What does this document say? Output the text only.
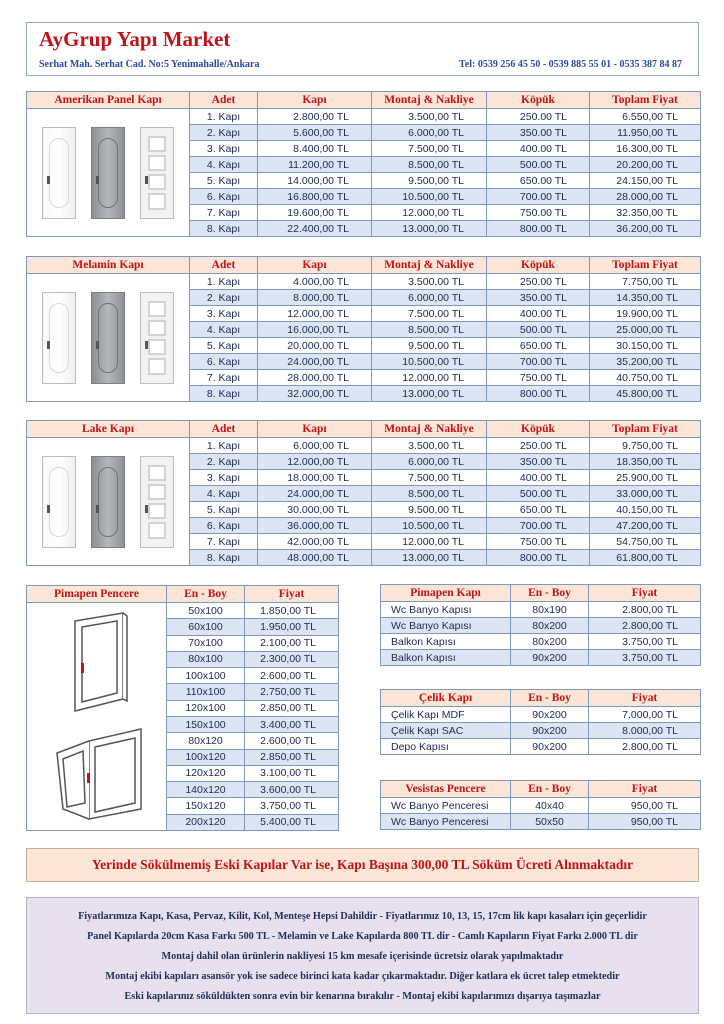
AyGrup Yapı Market
Serhat Mah. Serhat Cad. No:5 Yenimahalle/Ankara	Tel: 0539 256 45 50 - 0539 885 55 01 - 0535 387 84 87
Amerikan Panel Kapı	Adet	Kapı	Montaj & Nakliye	Köpük	Toplam Fiyat

	1. Kapı	2.800,00 TL	3.500,00 TL	250.00 TL	6.550,00 TL
	2. Kapı	5.600,00 TL	6.000,00 TL	350.00 TL	11.950,00 TL
	3. Kapı	8.400,00 TL	7.500,00 TL	400.00 TL	16.300,00 TL
	4. Kapı	11.200,00 TL	8.500,00 TL	500.00 TL	20.200,00 TL
	5. Kapı	14.000,00 TL	9.500,00 TL	650.00 TL	24.150,00 TL
	6. Kapı	16.800,00 TL	10.500,00 TL	700.00 TL	28.000,00 TL
	7. Kapı	19.600,00 TL	12.000,00 TL	750.00 TL	32.350,00 TL
	8. Kapı	22.400,00 TL	13.000,00 TL	800.00 TL	36.200,00 TL
Melamin Kapı	Adet	Kapı	Montaj & Nakliye	Köpük	Toplam Fiyat

	1. Kapı	4.000,00 TL	3.500,00 TL	250.00 TL	7.750,00 TL
	2. Kapı	8.000,00 TL	6.000,00 TL	350.00 TL	14.350,00 TL
	3. Kapı	12.000,00 TL	7.500,00 TL	400.00 TL	19.900,00 TL
	4. Kapı	16.000,00 TL	8.500,00 TL	500.00 TL	25.000,00 TL
	5. Kapı	20.000,00 TL	9.500,00 TL	650.00 TL	30.150,00 TL
	6. Kapı	24.000,00 TL	10.500,00 TL	700.00 TL	35.200,00 TL
	7. Kapı	28.000,00 TL	12.000,00 TL	750.00 TL	40.750,00 TL
	8. Kapı	32.000,00 TL	13.000,00 TL	800.00 TL	45.800,00 TL
Lake Kapı	Adet	Kapı	Montaj & Nakliye	Köpük	Toplam Fiyat

	1. Kapı	6.000,00 TL	3.500,00 TL	250.00 TL	9.750,00 TL
	2. Kapı	12.000,00 TL	6.000,00 TL	350.00 TL	18.350,00 TL
	3. Kapı	18.000,00 TL	7.500,00 TL	400.00 TL	25.900,00 TL
	4. Kapı	24.000,00 TL	8.500,00 TL	500.00 TL	33.000,00 TL
	5. Kapı	30.000,00 TL	9.500,00 TL	650.00 TL	40.150,00 TL
	6. Kapı	36.000,00 TL	10.500,00 TL	700.00 TL	47.200,00 TL
	7. Kapı	42.000,00 TL	12.000,00 TL	750.00 TL	54.750,00 TL
	8. Kapı	48.000,00 TL	13.000,00 TL	800.00 TL	61.800,00 TL
Pimapen Pencere	En - Boy	Fiyat
	50x100	1.850,00 TL
	60x100	1.950,00 TL
	70x100	2.100,00 TL
	80x100	2.300,00 TL
	100x100	2.600,00 TL
	110x100	2.750,00 TL
	120x100	2.850,00 TL
	150x100	3.400,00 TL
	80x120	2.600,00 TL
	100x120	2.850,00 TL
	120x120	3.100,00 TL
	140x120	3.600,00 TL
	150x120	3.750,00 TL
	200x120	5.400,00 TL
Pimapen Kapı	En - Boy	Fiyat
Wc Banyo Kapısı	80x190	2.800,00 TL
Wc Banyo Kapısı	80x200	2.800,00 TL
Balkon Kapısı	80x200	3.750,00 TL
Balkon Kapısı	90x200	3.750,00 TL
Çelik Kapı	En - Boy	Fiyat
Çelik Kapı MDF	90x200	7.000,00 TL
Çelik Kapı SAC	90x200	8.000,00 TL
Depo Kapısı	90x200	2.800,00 TL
Vesistas Pencere	En - Boy	Fiyat
Wc Banyo Penceresi	40x40	950,00 TL
Wc Banyo Penceresi	50x50	950,00 TL
Yerinde Sökülmemiş Eski Kapılar Var ise, Kapı Başına 300,00 TL Söküm Ücreti Alınmaktadır

Fiyatlarımıza Kapı, Kasa, Pervaz, Kilit, Kol, Menteşe Hepsi Dahildir - Fiyatlarımız 10, 13, 15, 17cm lik kapı kasaları için geçerlidir

Panel Kapılarda 20cm Kasa Farkı 500 TL - Melamin ve Lake Kapılarda 800 TL dir - Camlı Kapıların Fiyat Farkı 2.000 TL dir

Montaj dahil olan ürünlerin nakliyesi 15 km mesafe içerisinde ücretsiz olarak yapılmaktadır

Montaj ekibi kapıları asansör yok ise sadece birinci kata kadar çıkarmaktadır. Diğer katlara ek ücret talep etmektedir

Eski kapılarınız söküldükten sonra evin bir kenarına bırakılır - Montaj ekibi kapılarımızı dışarıya taşımazlar
